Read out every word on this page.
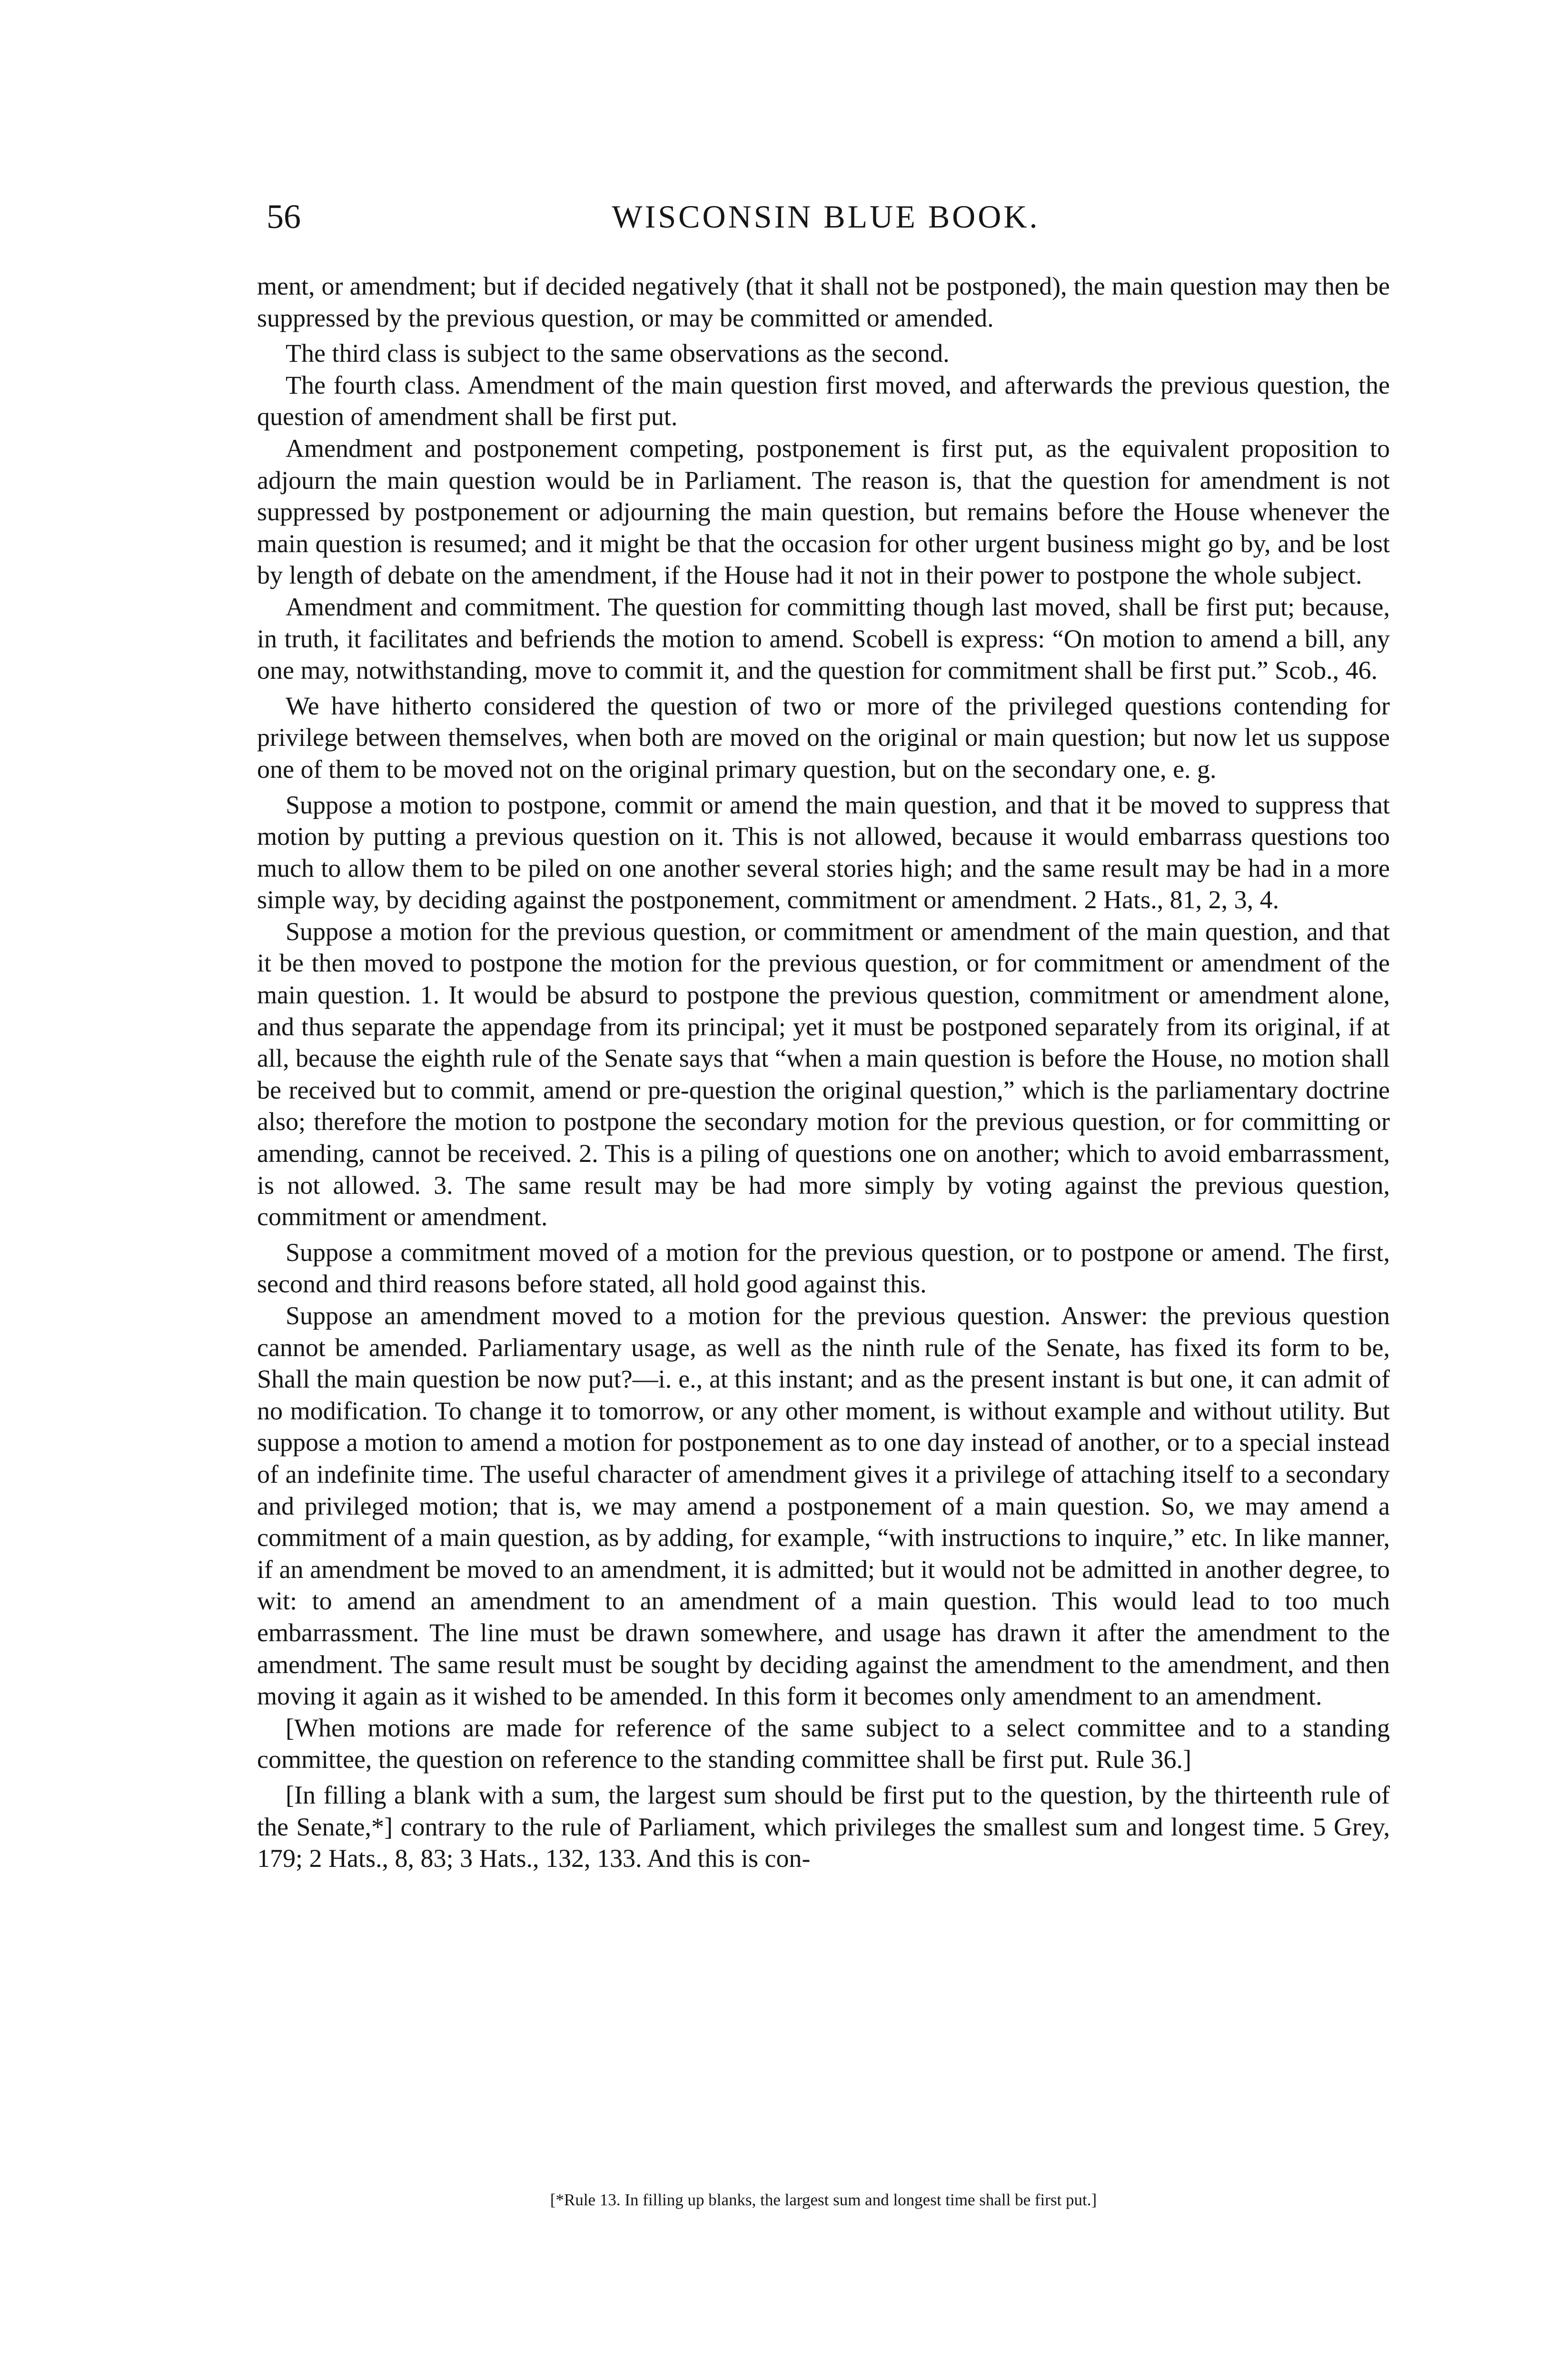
56	WISCONSIN BLUE BOOK.

ment, or amendment; but if decided negatively (that it shall not be postponed), the main question may then be suppressed by the previous question, or may be committed or amended.

The third class is subject to the same observations as the second.

The fourth class. Amendment of the main question first moved, and afterwards the previous question, the question of amendment shall be first put.

Amendment and postponement competing, postponement is first put, as the equivalent proposition to adjourn the main question would be in Parliament. The reason is, that the question for amendment is not suppressed by postponement or adjourning the main question, but remains before the House whenever the main question is resumed; and it might be that the occasion for other urgent business might go by, and be lost by length of debate on the amendment, if the House had it not in their power to postpone the whole subject.

Amendment and commitment. The question for committing though last moved, shall be first put; because, in truth, it facilitates and befriends the motion to amend. Scobell is express: “On motion to amend a bill, any one may, notwithstanding, move to commit it, and the question for commitment shall be first put.” Scob., 46.

We have hitherto considered the question of two or more of the privileged questions contending for privilege between themselves, when both are moved on the original or main question; but now let us suppose one of them to be moved not on the original primary question, but on the secondary one, e. g.

Suppose a motion to postpone, commit or amend the main question, and that it be moved to suppress that motion by putting a previous question on it. This is not allowed, because it would embarrass questions too much to allow them to be piled on one another several stories high; and the same result may be had in a more simple way, by deciding against the postponement, commitment or amendment. 2 Hats., 81, 2, 3, 4.

Suppose a motion for the previous question, or commitment or amendment of the main question, and that it be then moved to postpone the motion for the previous question, or for commitment or amendment of the main question. 1. It would be absurd to postpone the previous question, commitment or amendment alone, and thus separate the appendage from its principal; yet it must be postponed separately from its original, if at all, because the eighth rule of the Senate says that “when a main question is before the House, no motion shall be received but to commit, amend or pre-question the original question,” which is the parliamentary doctrine also; therefore the motion to postpone the secondary motion for the previous question, or for committing or amending, cannot be received. 2. This is a piling of questions one on another; which to avoid embarrassment, is not allowed. 3. The same result may be had more simply by voting against the previous question, commitment or amendment.

Suppose a commitment moved of a motion for the previous question, or to postpone or amend. The first, second and third reasons before stated, all hold good against this.

Suppose an amendment moved to a motion for the previous question. Answer: the previous question cannot be amended. Parliamentary usage, as well as the ninth rule of the Senate, has fixed its form to be, Shall the main question be now put?—i. e., at this instant; and as the present instant is but one, it can admit of no modification. To change it to tomorrow, or any other moment, is without example and without utility. But suppose a motion to amend a motion for postponement as to one day instead of another, or to a special instead of an indefinite time. The useful character of amendment gives it a privilege of attaching itself to a secondary and privileged motion; that is, we may amend a postponement of a main question. So, we may amend a commitment of a main question, as by adding, for example, “with instructions to inquire,” etc. In like manner, if an amendment be moved to an amendment, it is admitted; but it would not be admitted in another degree, to wit: to amend an amendment to an amendment of a main question. This would lead to too much embarrassment. The line must be drawn somewhere, and usage has drawn it after the amendment to the amendment. The same result must be sought by deciding against the amendment to the amendment, and then moving it again as it wished to be amended. In this form it becomes only amendment to an amendment.

[When motions are made for reference of the same subject to a select committee and to a standing committee, the question on reference to the standing committee shall be first put. Rule 36.]

[In filling a blank with a sum, the largest sum should be first put to the question, by the thirteenth rule of the Senate,*] contrary to the rule of Parliament, which privileges the smallest sum and longest time. 5 Grey, 179; 2 Hats., 8, 83; 3 Hats., 132, 133. And this is con-

[*Rule 13. In filling up blanks, the largest sum and longest time shall be first put.]
